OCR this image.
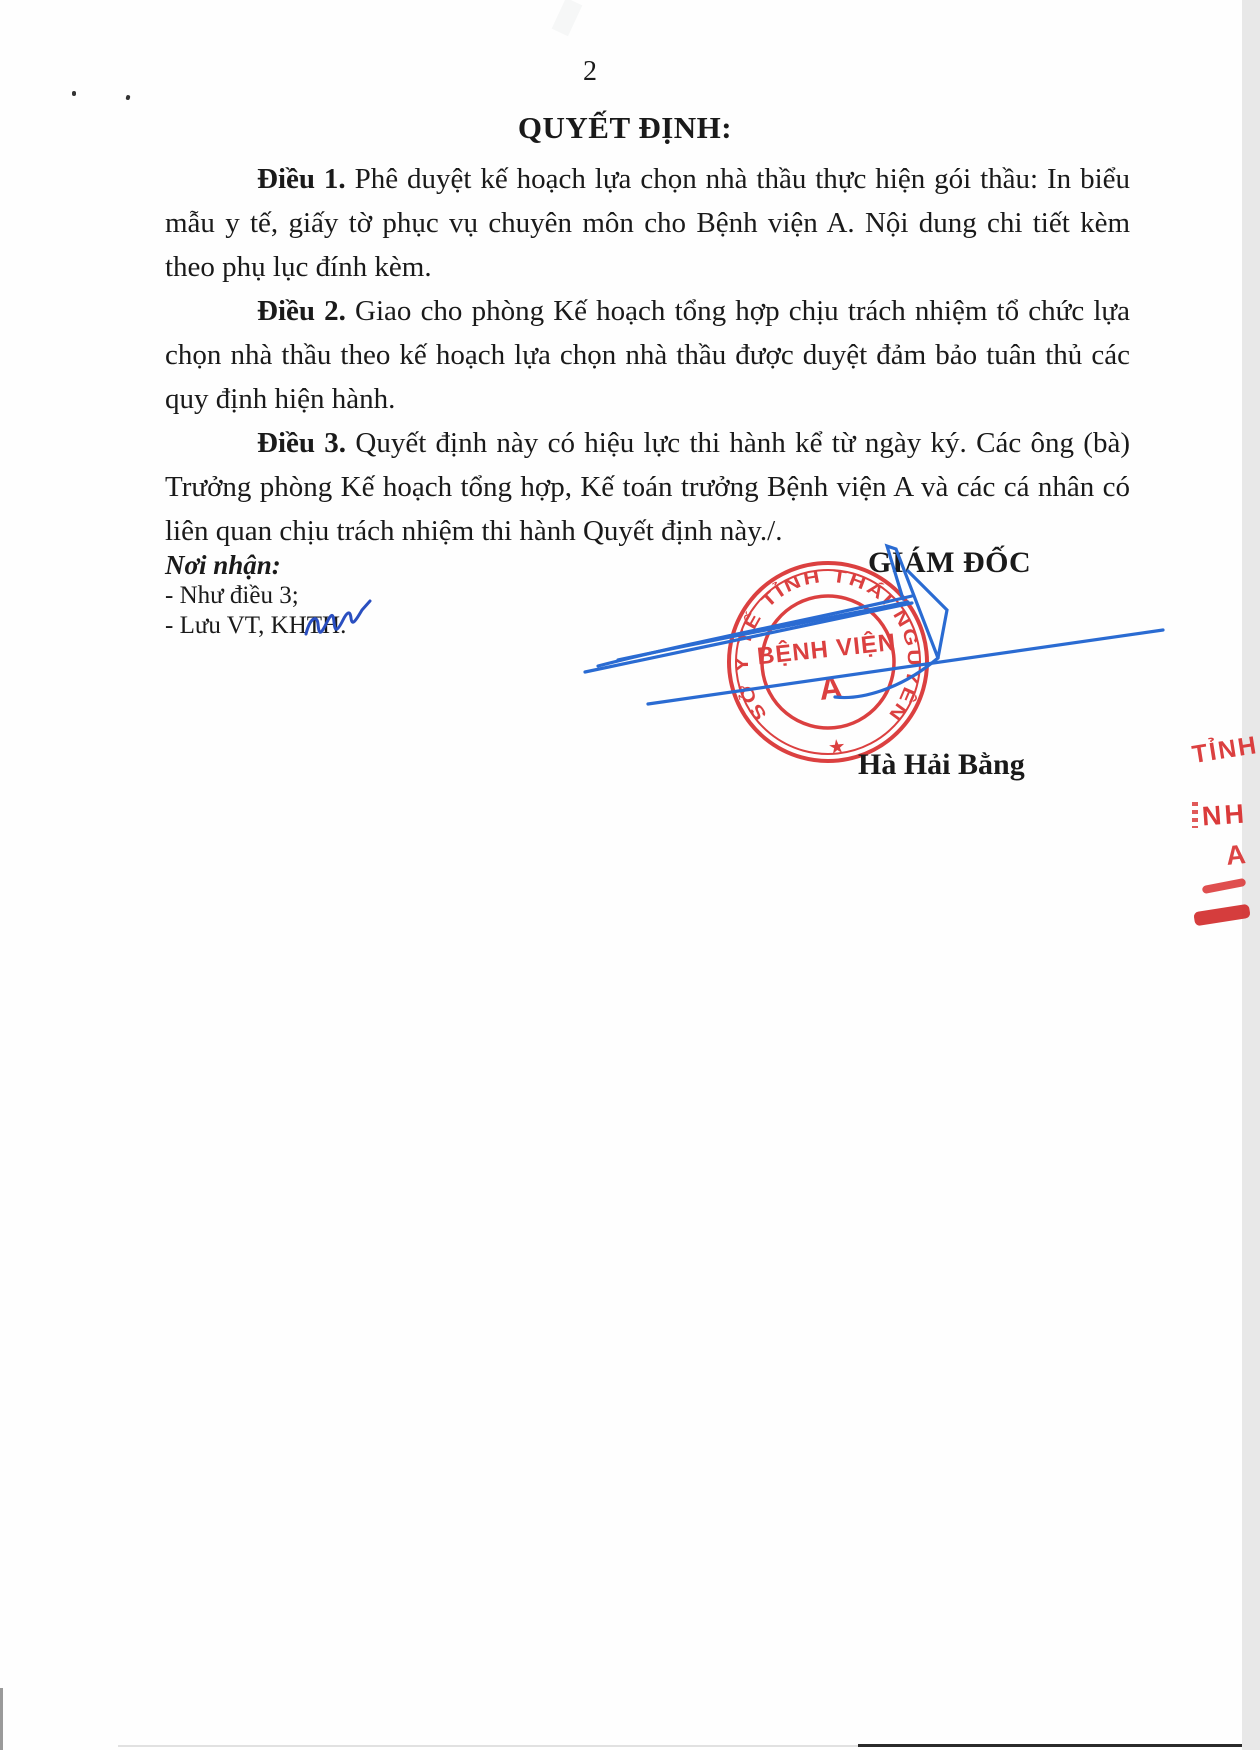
2
QUYẾT ĐỊNH:

Điều 1. Phê duyệt kế hoạch lựa chọn nhà thầu thực hiện gói thầu: In biểu mẫu y tế, giấy tờ phục vụ chuyên môn cho Bệnh viện A. Nội dung chi tiết kèm theo phụ lục đính kèm.

Điều 2. Giao cho phòng Kế hoạch tổng hợp chịu trách nhiệm tổ chức lựa chọn nhà thầu theo kế hoạch lựa chọn nhà thầu được duyệt đảm bảo tuân thủ các quy định hiện hành.

Điều 3. Quyết định này có hiệu lực thi hành kể từ ngày ký. Các ông (bà) Trưởng phòng Kế hoạch tổng hợp, Kế toán trưởng Bệnh viện A và các cá nhân có liên quan chịu trách nhiệm thi hành Quyết định này./.

Nơi nhận:
- Như điều 3;
- Lưu VT, KHTH.
GIÁM ĐỐC
SỞ Y TẾ TỈNH THÁI NGUYÊN
★
BỆNH VIỆN
A
Hà Hải Bằng	TỈNH
NH
A
